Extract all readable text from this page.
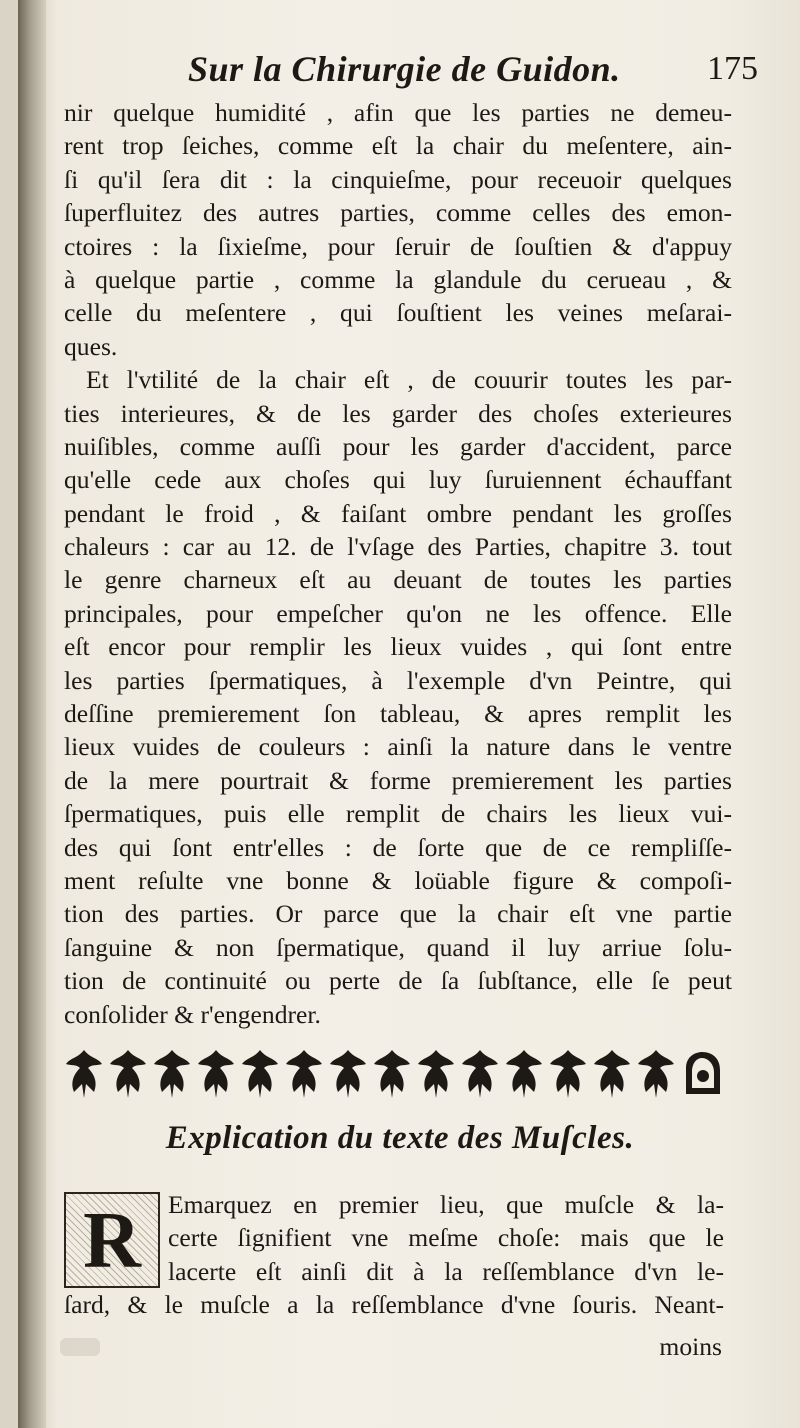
Sur la Chirurgie de Guidon.	175
nir quelque humidité , afin que les parties ne demeu-
rent trop ſeiches, comme eſt la chair du meſentere, ain-
ſi qu'il ſera dit : la cinquieſme, pour receuoir quelques
ſuperfluitez des autres parties, comme celles des emon-
ctoires : la ſixieſme, pour ſeruir de ſouſtien & d'appuy
à quelque partie , comme la glandule du cerueau , &
celle du meſentere , qui ſouſtient les veines meſarai-
ques.
Et l'vtilité de la chair eſt , de couurir toutes les par-
ties interieures, & de les garder des choſes exterieures
nuiſibles, comme auſſi pour les garder d'accident, parce
qu'elle cede aux choſes qui luy ſuruiennent échauffant
pendant le froid , & faiſant ombre pendant les groſſes
chaleurs : car au 12. de l'vſage des Parties, chapitre 3. tout
le genre charneux eſt au deuant de toutes les parties
principales, pour empeſcher qu'on ne les offence. Elle
eſt encor pour remplir les lieux vuides , qui ſont entre
les parties ſpermatiques, à l'exemple d'vn Peintre, qui
deſſine premierement ſon tableau, & apres remplit les
lieux vuides de couleurs : ainſi la nature dans le ventre
de la mere pourtrait & forme premierement les parties
ſpermatiques, puis elle remplit de chairs les lieux vui-
des qui ſont entr'elles : de ſorte que de ce rempliſſe-
ment reſulte vne bonne & loüable figure & compoſi-
tion des parties. Or parce que la chair eſt vne partie
ſanguine & non ſpermatique, quand il luy arriue ſolu-
tion de continuité ou perte de ſa ſubſtance, elle ſe peut
conſolider & r'engendrer.
Explication du texte des Muſcles.
R	Emarquez en premier lieu, que muſcle & la-
certe ſignifient vne meſme choſe: mais que le
lacerte eſt ainſi dit à la reſſemblance d'vn le-
ſard, & le muſcle a la reſſemblance d'vne ſouris. Neant-
moins
